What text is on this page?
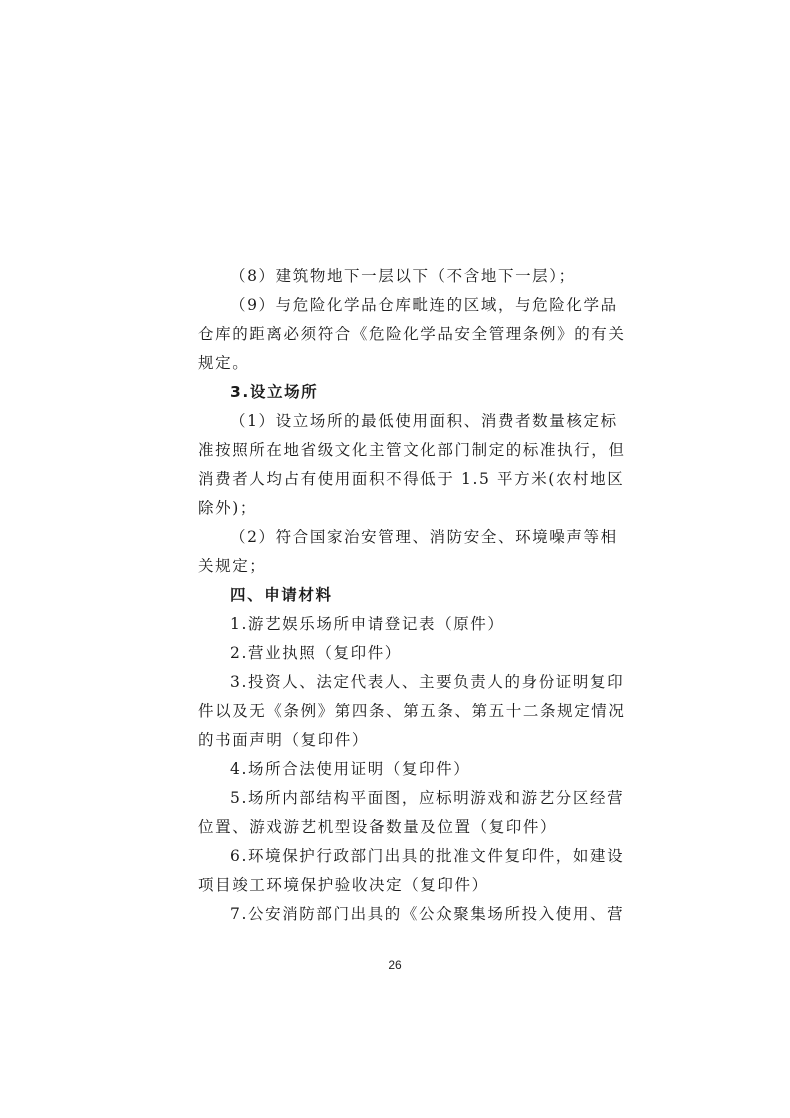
（8）建筑物地下一层以下（不含地下一层）；
（9）与危险化学品仓库毗连的区域，与危险化学品
仓库的距离必须符合《危险化学品安全管理条例》的有关
规定。
3.设立场所
（1）设立场所的最低使用面积、消费者数量核定标
准按照所在地省级文化主管文化部门制定的标准执行，但
消费者人均占有使用面积不得低于 1.5 平方米(农村地区
除外)；
（2）符合国家治安管理、消防安全、环境噪声等相
关规定；
四、申请材料
1.游艺娱乐场所申请登记表（原件）
2.营业执照（复印件）
3.投资人、法定代表人、主要负责人的身份证明复印
件以及无《条例》第四条、第五条、第五十二条规定情况
的书面声明（复印件）
4.场所合法使用证明（复印件）
5.场所内部结构平面图，应标明游戏和游艺分区经营
位置、游戏游艺机型设备数量及位置（复印件）
6.环境保护行政部门出具的批准文件复印件，如建设
项目竣工环境保护验收决定（复印件）
7.公安消防部门出具的《公众聚集场所投入使用、营
26
